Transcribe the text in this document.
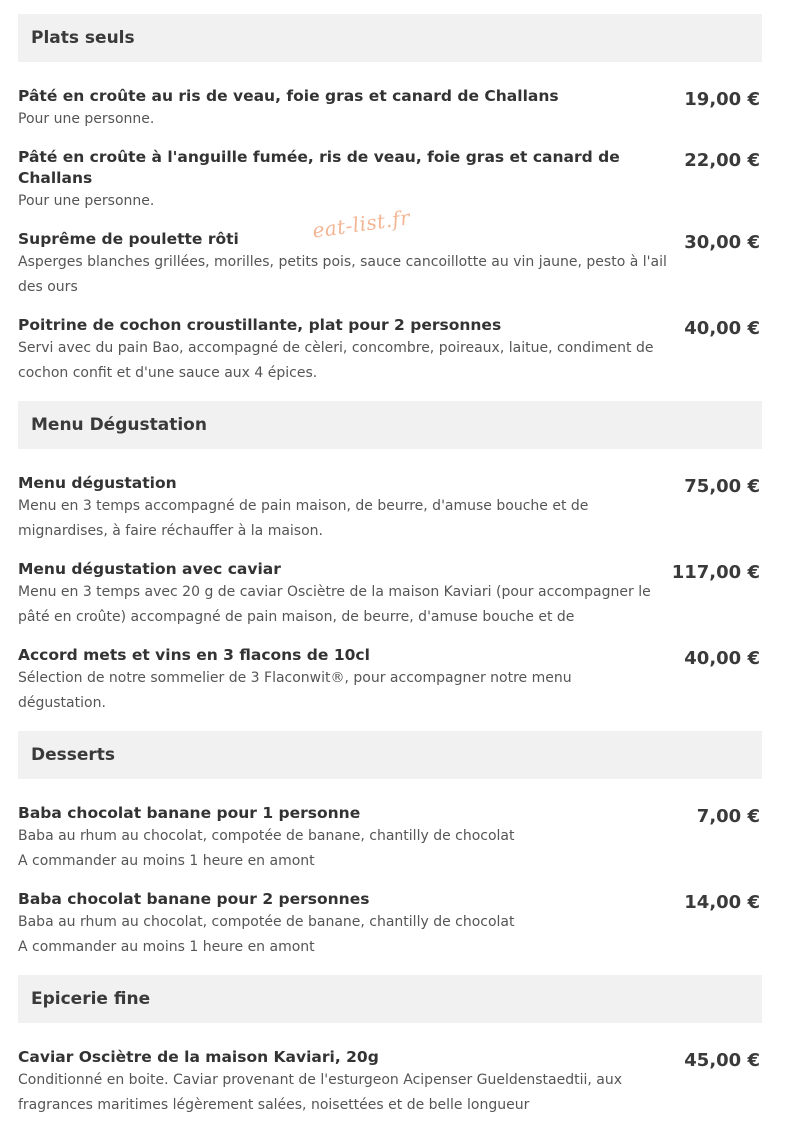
Plats seuls
Pâté en croûte au ris de veau, foie gras et canard de Challans
Pour une personne.
19,00 €
Pâté en croûte à l'anguille fumée, ris de veau, foie gras et canard de Challans
Pour une personne.
22,00 €
Suprême de poulette rôti
Asperges blanches grillées, morilles, petits pois, sauce cancoillotte au vin jaune, pesto à l'ail
des ours
30,00 €
Poitrine de cochon croustillante, plat pour 2 personnes
Servi avec du pain Bao, accompagné de cèleri, concombre, poireaux, laitue, condiment de
cochon confit et d'une sauce aux 4 épices.
40,00 €
Menu Dégustation
Menu dégustation
Menu en 3 temps accompagné de pain maison, de beurre, d'amuse bouche et de
mignardises, à faire réchauffer à la maison.
75,00 €
Menu dégustation avec caviar
Menu en 3 temps avec 20 g de caviar Osciètre de la maison Kaviari (pour accompagner le
pâté en croûte) accompagné de pain maison, de beurre, d'amuse bouche et de
117,00 €
Accord mets et vins en 3 flacons de 10cl
Sélection de notre sommelier de 3 Flaconwit®, pour accompagner notre menu
dégustation.
40,00 €
Desserts
Baba chocolat banane pour 1 personne
Baba au rhum au chocolat, compotée de banane, chantilly de chocolat
A commander au moins 1 heure en amont
7,00 €
Baba chocolat banane pour 2 personnes
Baba au rhum au chocolat, compotée de banane, chantilly de chocolat
A commander au moins 1 heure en amont
14,00 €
Epicerie fine
Caviar Osciètre de la maison Kaviari, 20g
Conditionné en boite. Caviar provenant de l'esturgeon Acipenser Gueldenstaedtii, aux
fragrances maritimes légèrement salées, noisettées et de belle longueur
45,00 €
eat-list.fr
